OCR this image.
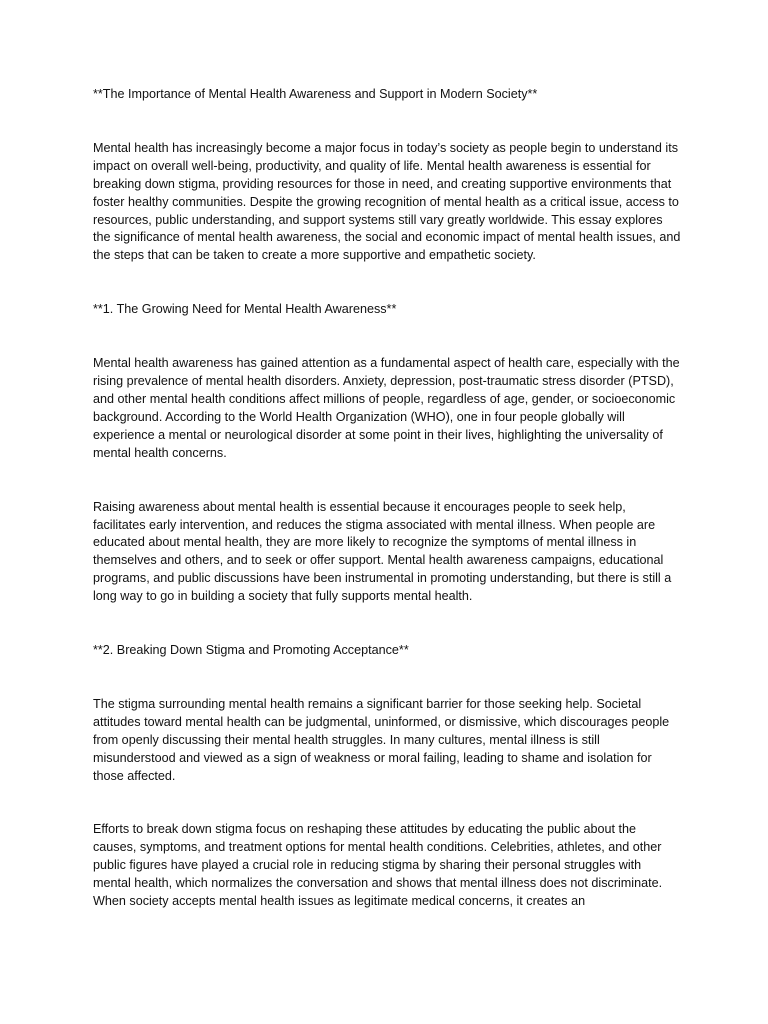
**The Importance of Mental Health Awareness and Support in Modern Society**

Mental health has increasingly become a major focus in today’s society as people begin to understand its impact on overall well-being, productivity, and quality of life. Mental health awareness is essential for breaking down stigma, providing resources for those in need, and creating supportive environments that foster healthy communities. Despite the growing recognition of mental health as a critical issue, access to resources, public understanding, and support systems still vary greatly worldwide. This essay explores the significance of mental health awareness, the social and economic impact of mental health issues, and the steps that can be taken to create a more supportive and empathetic society.

**1. The Growing Need for Mental Health Awareness**

Mental health awareness has gained attention as a fundamental aspect of health care, especially with the rising prevalence of mental health disorders. Anxiety, depression, post-traumatic stress disorder (PTSD), and other mental health conditions affect millions of people, regardless of age, gender, or socioeconomic background. According to the World Health Organization (WHO), one in four people globally will experience a mental or neurological disorder at some point in their lives, highlighting the universality of mental health concerns.

Raising awareness about mental health is essential because it encourages people to seek help, facilitates early intervention, and reduces the stigma associated with mental illness. When people are educated about mental health, they are more likely to recognize the symptoms of mental illness in themselves and others, and to seek or offer support. Mental health awareness campaigns, educational programs, and public discussions have been instrumental in promoting understanding, but there is still a long way to go in building a society that fully supports mental health.

**2. Breaking Down Stigma and Promoting Acceptance**

The stigma surrounding mental health remains a significant barrier for those seeking help. Societal attitudes toward mental health can be judgmental, uninformed, or dismissive, which discourages people from openly discussing their mental health struggles. In many cultures, mental illness is still misunderstood and viewed as a sign of weakness or moral failing, leading to shame and isolation for those affected.

Efforts to break down stigma focus on reshaping these attitudes by educating the public about the causes, symptoms, and treatment options for mental health conditions. Celebrities, athletes, and other public figures have played a crucial role in reducing stigma by sharing their personal struggles with mental health, which normalizes the conversation and shows that mental illness does not discriminate. When society accepts mental health issues as legitimate medical concerns, it creates an
